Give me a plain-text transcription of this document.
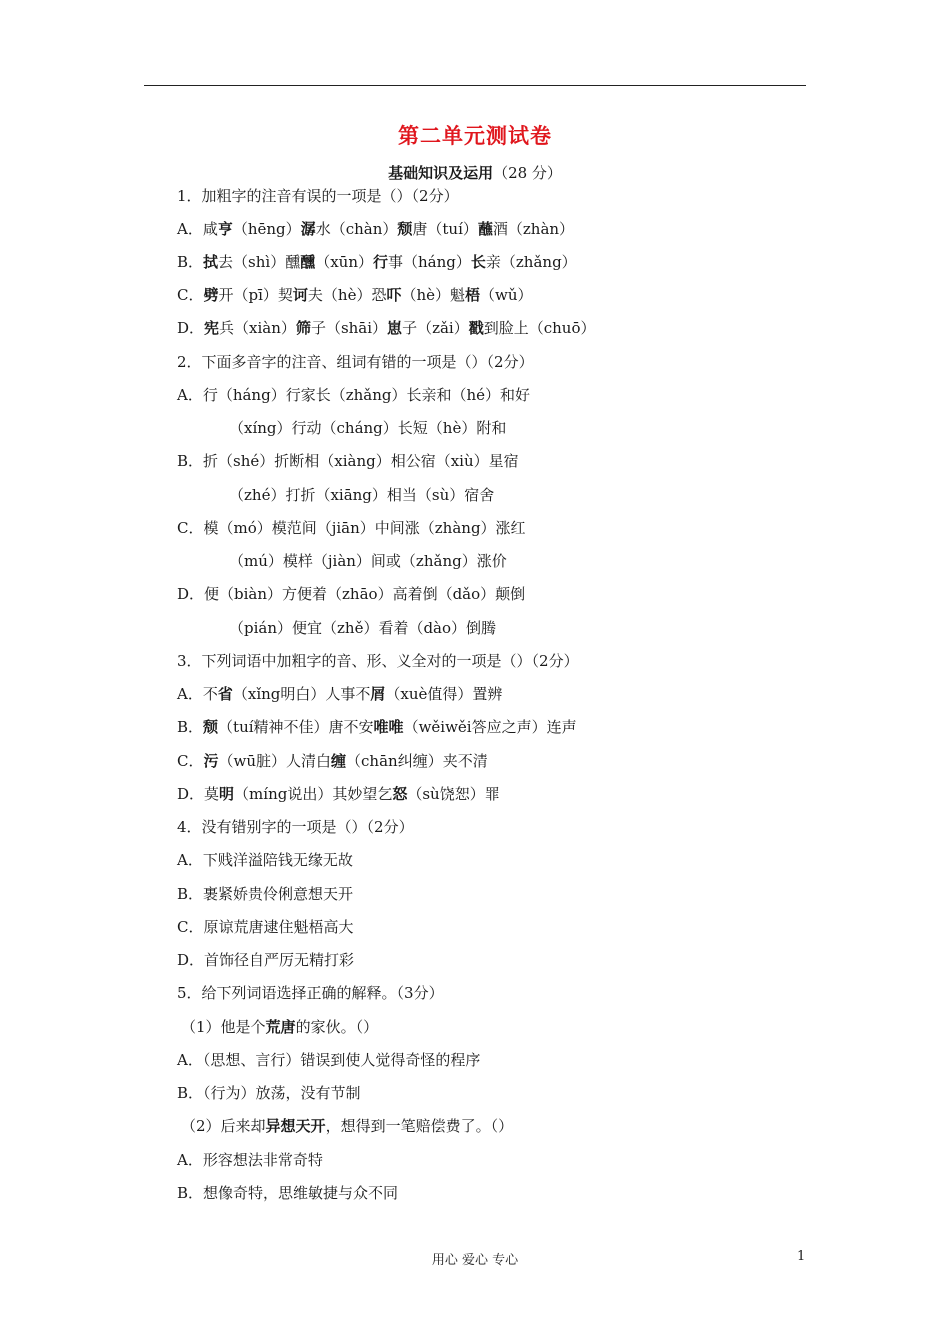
第二单元测试卷
基础知识及运用（28 分）
1．加粗字的注音有误的一项是（）（2分）
A．咸亨（hēng）潺水（chàn）颓唐（tuí）蘸酒（zhàn）
B．拭去（shì）醺醺（xūn）行事（háng）长亲（zhǎng）
C．劈开（pī）契诃夫（hè）恐吓（hè）魁梧（wǔ）
D．宪兵（xiàn）筛子（shāi）崽子（zǎi）戳到脸上（chuō）
2．下面多音字的注音、组词有错的一项是（）（2分）
A．行（háng）行家长（zhǎng）长亲和（hé）和好
（xíng）行动（cháng）长短（hè）附和
B．折（shé）折断相（xiàng）相公宿（xiù）星宿
（zhé）打折（xiāng）相当（sù）宿舍
C．模（mó）模范间（jiān）中间涨（zhàng）涨红
（mú）模样（jiàn）间或（zhǎng）涨价
D．便（biàn）方便着（zhāo）高着倒（dǎo）颠倒
（pián）便宜（zhě）看着（dào）倒腾
3．下列词语中加粗字的音、形、义全对的一项是（）（2分）
A．不省（xǐng明白）人事不屑（xuè值得）置辨
B．颓（tuí精神不佳）唐不安唯唯（wěiwěi答应之声）连声
C．污（wū脏）人清白缠（chān纠缠）夹不清
D．莫明（míng说出）其妙望乞怒（sù饶恕）罪
4．没有错别字的一项是（）（2分）
A．下贱洋溢陪钱无缘无故
B．裹紧娇贵伶俐意想天开
C．原谅荒唐逮住魁梧高大
D．首饰径自严厉无精打彩
5．给下列词语选择正确的解释。（3分）
（1）他是个荒唐的家伙。（）
A．（思想、言行）错误到使人觉得奇怪的程序
B．（行为）放荡，没有节制
（2）后来却异想天开，想得到一笔赔偿费了。（）
A．形容想法非常奇特
B．想像奇特，思维敏捷与众不同
用心 爱心 专心	1
